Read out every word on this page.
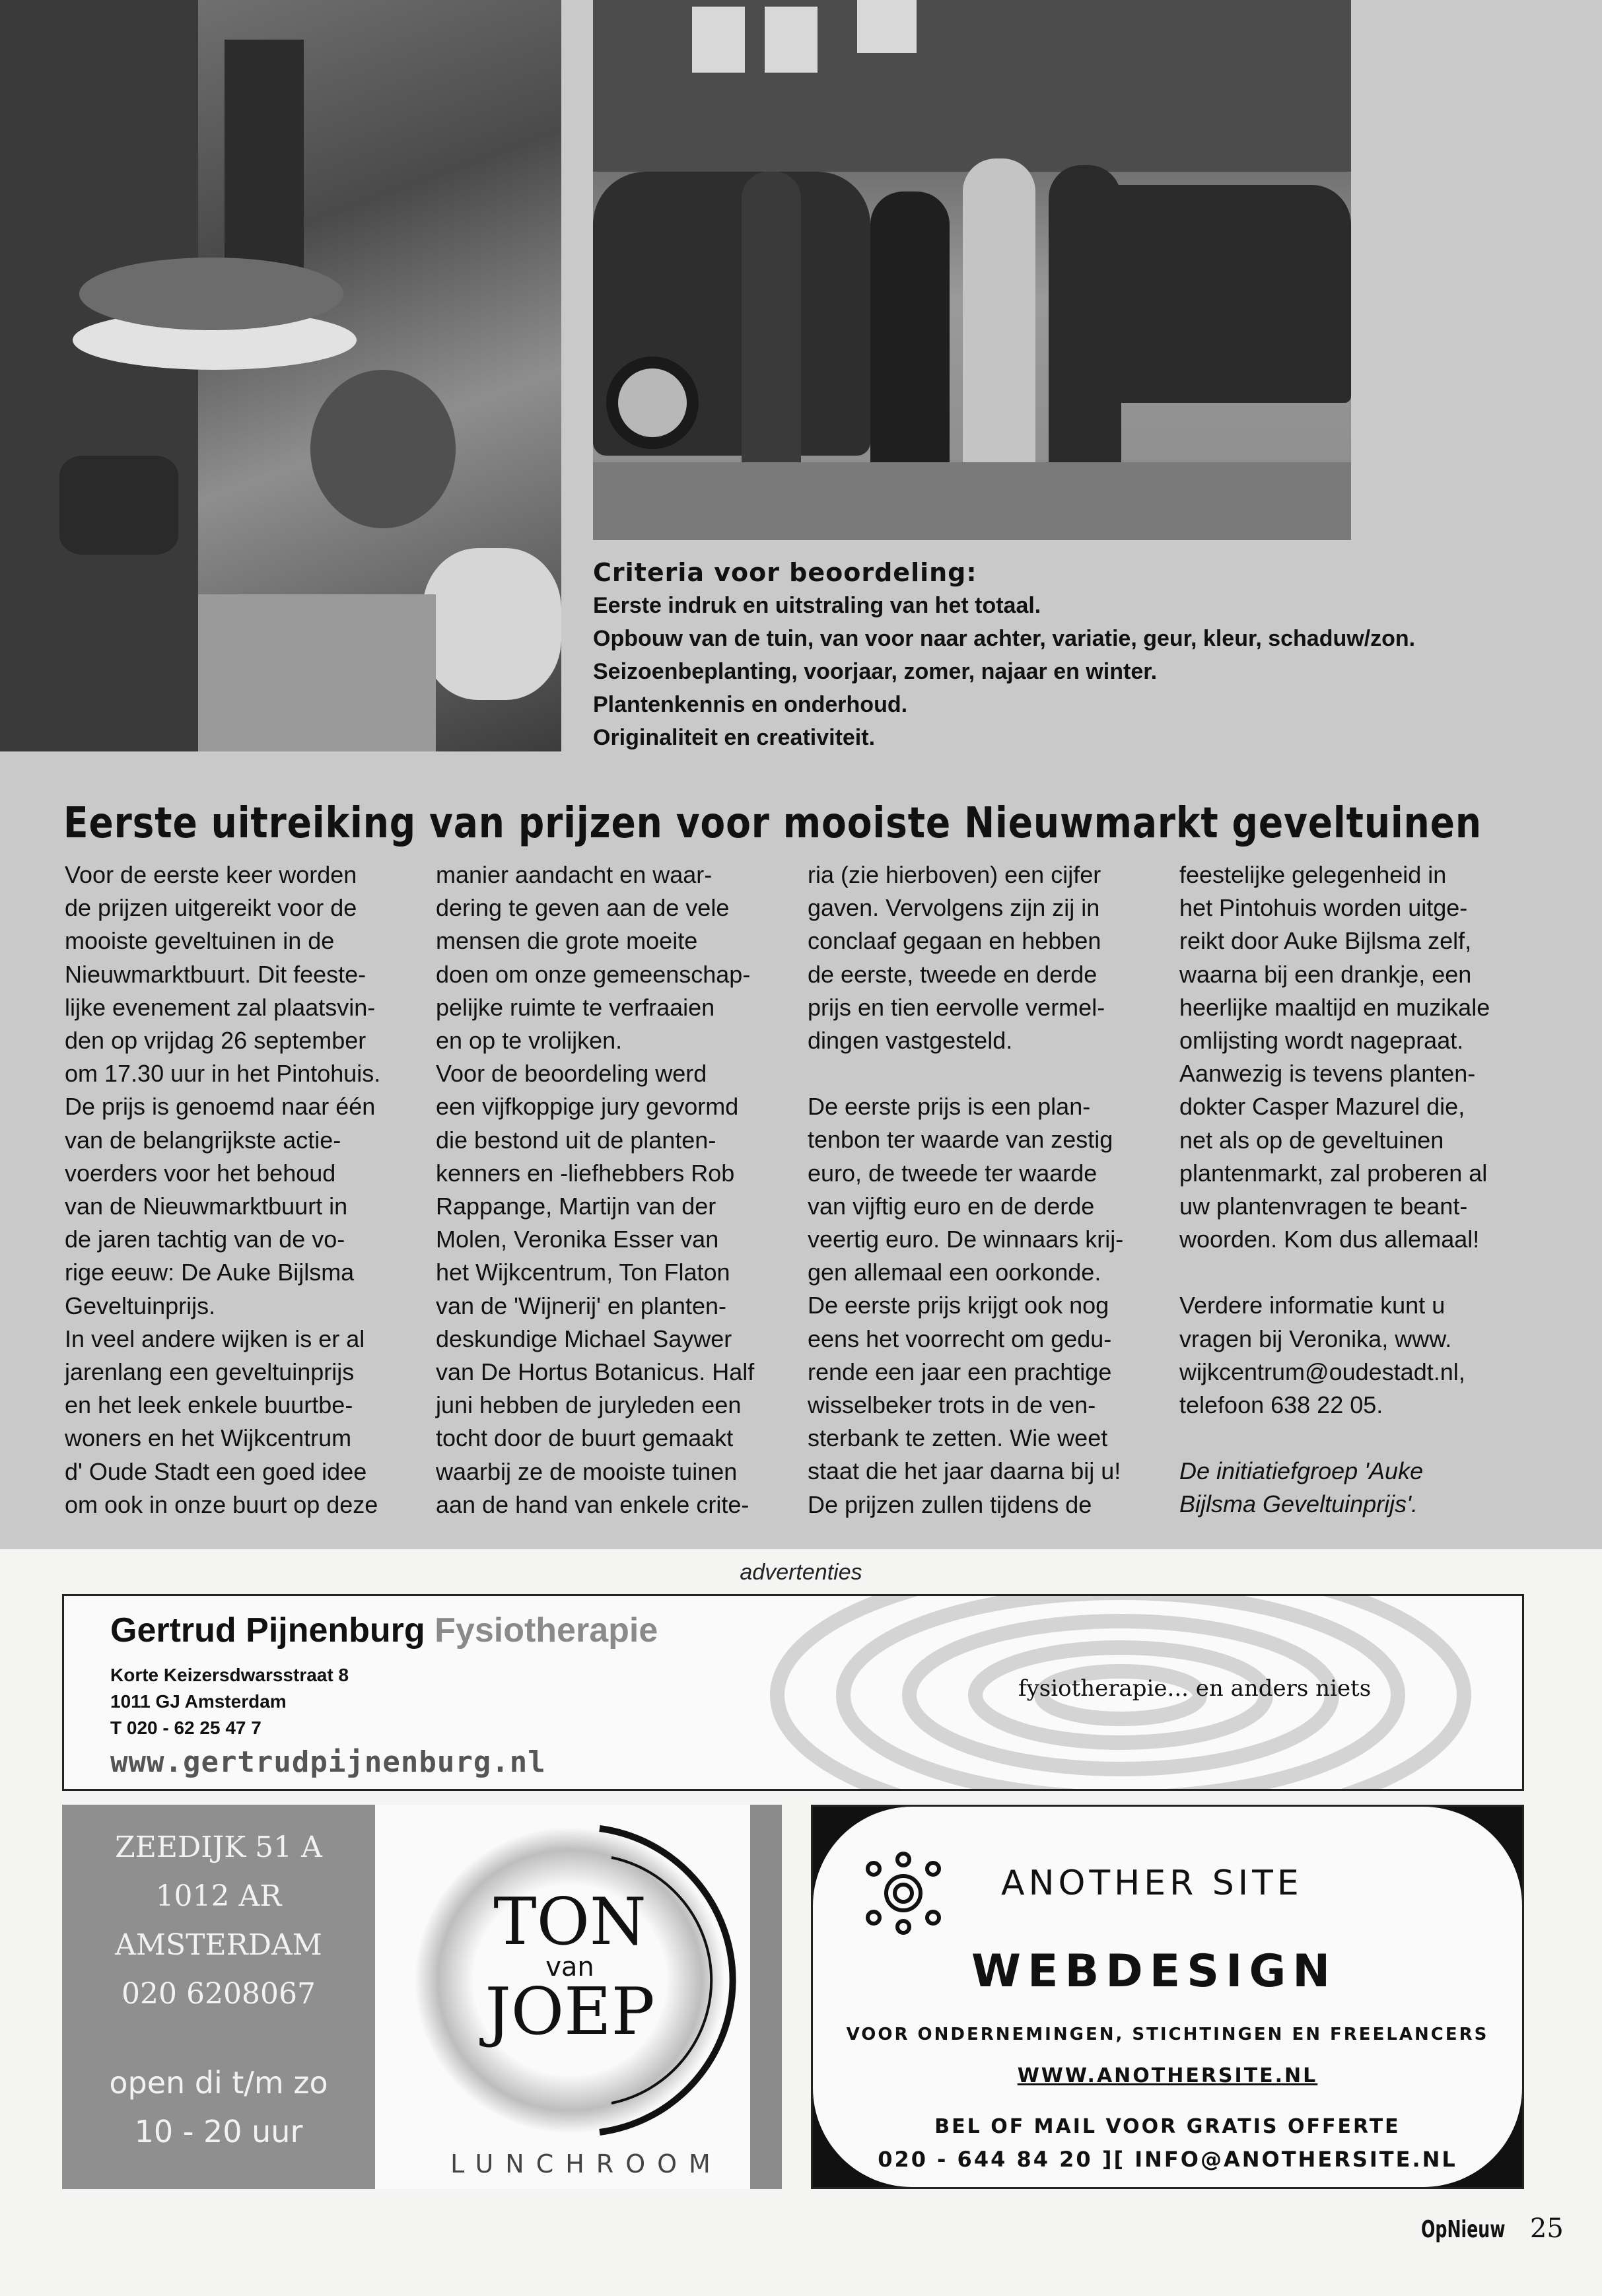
Criteria voor beoordeling:
Eerste indruk en uitstraling van het totaal.
Opbouw van de tuin, van voor naar achter, variatie, geur, kleur, schaduw/zon.
Seizoenbeplanting, voorjaar, zomer, najaar en winter.
Plantenkennis en onderhoud.
Originaliteit en creativiteit.
Eerste uitreiking van prijzen voor mooiste Nieuwmarkt geveltuinen

Voor de eerste keer worden

de prijzen uitgereikt voor de

mooiste geveltuinen in de

Nieuwmarktbuurt. Dit feeste-

lijke evenement zal plaatsvin-

den op vrijdag 26 september

om 17.30 uur in het Pintohuis.

De prijs is genoemd naar één

van de belangrijkste actie-

voerders voor het behoud

van de Nieuwmarktbuurt in

de jaren tachtig van de vo-

rige eeuw: De Auke Bijlsma

Geveltuinprijs.

In veel andere wijken is er al

jarenlang een geveltuinprijs

en het leek enkele buurtbe-

woners en het Wijkcentrum

d' Oude Stadt een goed idee

om ook in onze buurt op deze

manier aandacht en waar-

dering te geven aan de vele

mensen die grote moeite

doen om onze gemeenschap-

pelijke ruimte te verfraaien

en op te vrolijken.

Voor de beoordeling werd

een vijfkoppige jury gevormd

die bestond uit de planten-

kenners en -liefhebbers Rob

Rappange, Martijn van der

Molen, Veronika Esser van

het Wijkcentrum, Ton Flaton

van de 'Wijnerij' en planten-

deskundige Michael Saywer

van De Hortus Botanicus. Half

juni hebben de juryleden een

tocht door de buurt gemaakt

waarbij ze de mooiste tuinen

aan de hand van enkele crite-

ria (zie hierboven) een cijfer

gaven. Vervolgens zijn zij in

conclaaf gegaan en hebben

de eerste, tweede en derde

prijs en tien eervolle vermel-

dingen vastgesteld.

De eerste prijs is een plan-

tenbon ter waarde van zestig

euro, de tweede ter waarde

van vijftig euro en de derde

veertig euro. De winnaars krij-

gen allemaal een oorkonde.

De eerste prijs krijgt ook nog

eens het voorrecht om gedu-

rende een jaar een prachtige

wisselbeker trots in de ven-

sterbank te zetten. Wie weet

staat die het jaar daarna bij u!

De prijzen zullen tijdens de

feestelijke gelegenheid in

het Pintohuis worden uitge-

reikt door Auke Bijlsma zelf,

waarna bij een drankje, een

heerlijke maaltijd en muzikale

omlijsting wordt nagepraat.

Aanwezig is tevens planten-

dokter Casper Mazurel die,

net als op de geveltuinen

plantenmarkt, zal proberen al

uw plantenvragen te beant-

woorden. Kom dus allemaal!

Verdere informatie kunt u

vragen bij Veronika, www.

wijkcentrum@oudestadt.nl,

telefoon 638 22 05.

De initiatiefgroep 'Auke

Bijlsma Geveltuinprijs'.

advertenties
Gertrud Pijnenburg Fysiotherapie
Korte Keizersdwarsstraat 8
1011 GJ Amsterdam
T 020 - 62 25 47 7
www.gertrudpijnenburg.nl
fysiotherapie... en anders niets
ZEEDIJK 51 A
1012 AR
AMSTERDAM
020 6208067
open di t/m zo
10 - 20 uur
TON
van
JOEP
LUNCHROOM
ANOTHER SITE
WEBDESIGN
VOOR ONDERNEMINGEN, STICHTINGEN EN FREELANCERS
WWW.ANOTHERSITE.NL
BEL OF MAIL VOOR GRATIS OFFERTE
020 - 644 84 20 ][ INFO@ANOTHERSITE.NL
OpNieuw 25
